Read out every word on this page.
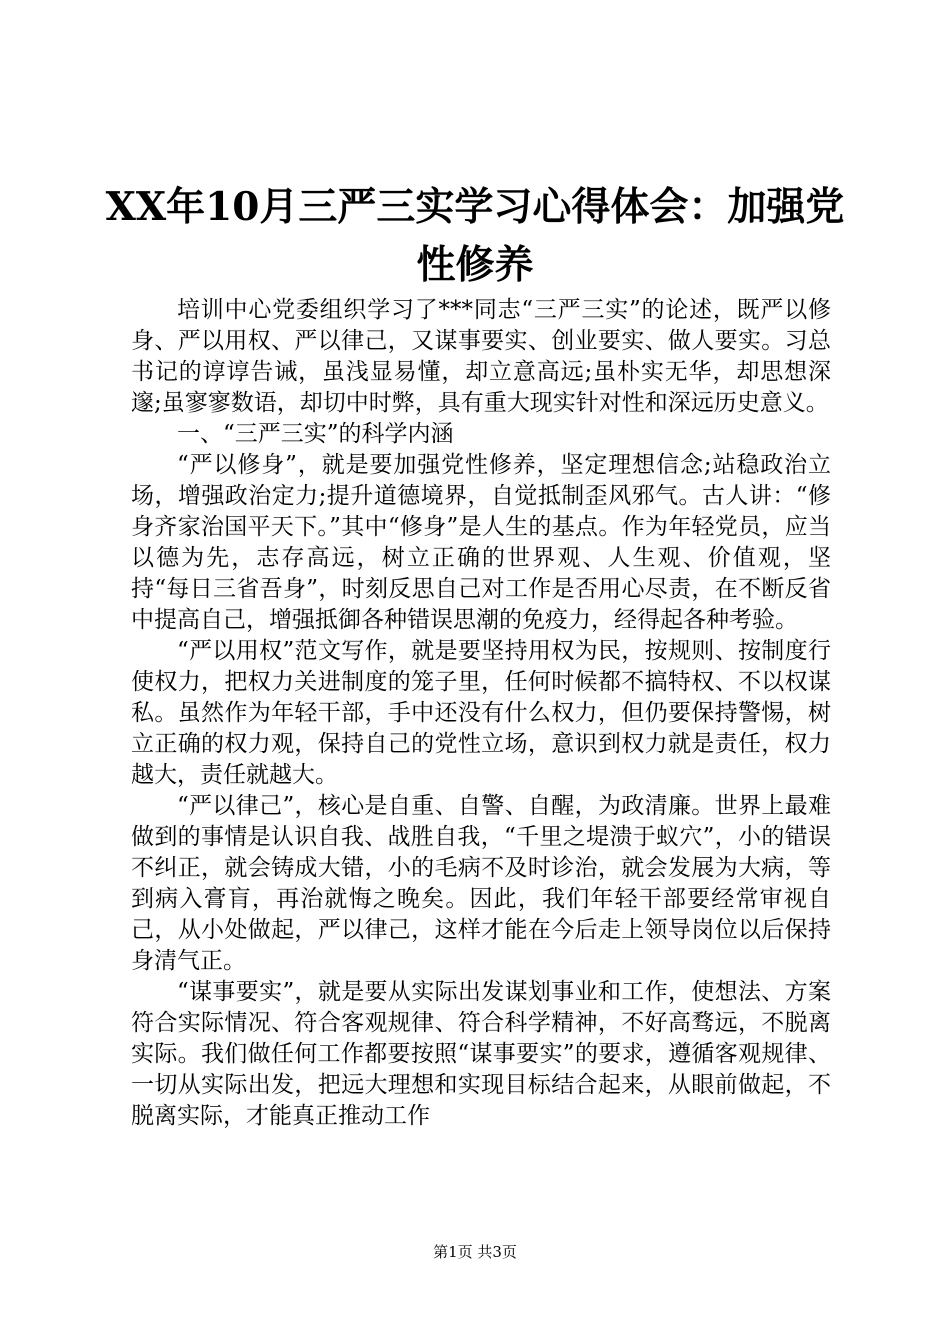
XX年10月三严三实学习心得体会：加强党性修养

培训中心党委组织学习了***同志“三严三实”的论述，既严以修身、严以用权、严以律己，又谋事要实、创业要实、做人要实。习总书记的谆谆告诫，虽浅显易懂，却立意高远;虽朴实无华，却思想深邃;虽寥寥数语，却切中时弊，具有重大现实针对性和深远历史意义。

一、“三严三实”的科学内涵

“严以修身”，就是要加强党性修养，坚定理想信念;站稳政治立场，增强政治定力;提升道德境界，自觉抵制歪风邪气。古人讲：“修身齐家治国平天下。”其中“修身”是人生的基点。作为年轻党员，应当以德为先，志存高远，树立正确的世界观、人生观、价值观，坚持“每日三省吾身”，时刻反思自己对工作是否用心尽责，在不断反省中提高自己，增强抵御各种错误思潮的免疫力，经得起各种考验。

“严以用权”范文写作，就是要坚持用权为民，按规则、按制度行使权力，把权力关进制度的笼子里，任何时候都不搞特权、不以权谋私。虽然作为年轻干部，手中还没有什么权力，但仍要保持警惕，树立正确的权力观，保持自己的党性立场，意识到权力就是责任，权力越大，责任就越大。

“严以律己”，核心是自重、自警、自醒，为政清廉。世界上最难做到的事情是认识自我、战胜自我，“千里之堤溃于蚁穴”，小的错误不纠正，就会铸成大错，小的毛病不及时诊治，就会发展为大病，等到病入膏肓，再治就悔之晚矣。因此，我们年轻干部要经常审视自己，从小处做起，严以律己，这样才能在今后走上领导岗位以后保持身清气正。

“谋事要实”，就是要从实际出发谋划事业和工作，使想法、方案符合实际情况、符合客观规律、符合科学精神，不好高骛远，不脱离实际。我们做任何工作都要按照“谋事要实”的要求，遵循客观规律、一切从实际出发，把远大理想和实现目标结合起来，从眼前做起，不脱离实际，才能真正推动工作

第1页 共3页
